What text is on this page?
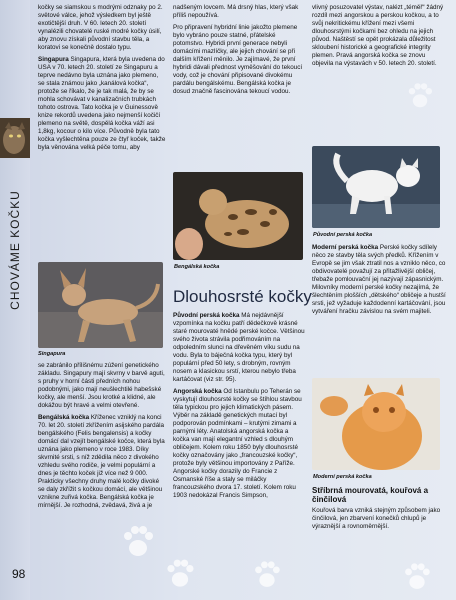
CHOVÁME KOČKU
98

kočky se siamskou s modrými odznaky po 2. světové válce, jehož výsledkem byl ještě exotičtější druh. V 60. letech 20. století vynalézili chovatelé ruské modré kočky úsilí, aby znovu získali původní stavbu těla, a koratovi se konečně dostalo typu.

Singapura Singapura, která byla uvedena do USA v 70. letech 20. století ze Singapuru a teprve nedávno byla uznána jako plemeno, se stala známou jako „kanálová kočka“, protože se říkalo, že je tak malá, že by se mohla schovávat v kanalizačních trubkách tohoto ostrova. Tato kočka je v Guinessově knize rekordů uvedena jako nejmenší kočičí plemeno na světě, dospělá kočka váží asi 1,8kg, kocour o kilo více. Původně byla tato kočka vyšlechtěna pouze ze čtyř koček, takže byla věnována velká péče tomu, aby

Singapura

se zabránilo přílišnému zúžení genetického základu. Singapury mají skvrny v barvě aguti, s pruhy v horní části předních nohou podobnými, jako mají neušlechtilé habešské kočky, ale menší. Jsou krotké a klidné, ale dokážou být hravé a velmi otevřené.

Bengálská kočka Kříženec vzniklý na konci 70. let 20. století zkřížením asijského pardála bengálského (Felis bengalensis) a kočky domácí dal vzejít bengálské kočce, která byla uznána jako plemeno v roce 1983. Díky skvrnité srsti, s níž zdědila něco z divokého vzhledu svého rodiče, je velmi populární a dnes je těchto koček již více než 9 000. Prakticky všechny druhy malé kočky divoké se daly zkřížit s kočkou domácí, ale většinou vznikne zuřivá kočka. Bengálská kočka je mírnější. Je rozhodná, zvědavá, živá a je

nadšeným lovcem. Má drsný hlas, který však příliš nepoužívá.

Pro připravení hybridní linie jakožto plemene bylo vybráno pouze statné, přátelské potomstvo. Hybridi první generace nebyli domácími mazlíčky, ale jejich chování se při dalším křížení měnilo. Je zajímavé, že první hybridi dávali přednost vyměšování do tekoucí vody, což je chování připisované divokému pardálu bengálskému. Bengálská kočka je dosud značně fascinována tekoucí vodou.

Bengálská kočka
Dlouhosrsté kočky

Původní perská kočka Má nejdávnější vzpomínka na kočku patří dědečkově krásné staré mourovaté hnědé perské kočce. Většinou svého života strávila podřimováním na odpoledním slunci na dřevěném víku sudu na vodu. Byla to báječná kočka typu, který byl populární před 50 lety, s drobným, rovným nosem a klasickou srstí, kterou nebylo třeba kartáčovat (viz str. 95).

Angorská kočka Od Istanbulu po Teherán se vyskytují dlouhosrsté kočky se štíhlou stavbou těla typickou pro jejich klimatických pásem. Výběr na základě genetických mutací byl podporován podmínkami – krutými zimami a parnými léty. Anatolská angorská kočka a kočka van mají elegantní vzhled s dlouhým obličejem. Kolem roku 1850 byly dlouhosrsté kočky označovány jako „francouzské kočky“, protože byly většinou importovány z Paříže. Angorské kočky dorazily do Francie z Osmanské říše a staly se miláčky francouzského dvora 17. století. Kolem roku 1903 nedokázal Francis Simpson,

vlivný posuzovatel výstav, nalézt „téměř“ žádný rozdíl mezi angorskou a perskou kočkou, a to svůj nekritickému křížení mezi všemi dlouhosrstými kočkami bez ohledu na jejich původ. Naštěstí se opět prokázala důležitost skloubení historické a geografické integrity plemen. Pravá angorská kočka se znovu objevila na výstavách v 50. letech 20. století.

Původní perská kočka

Moderní perská kočka Perské kočky sdílely něco ze stavby těla svých předků. Křížením v Evropě se jim však ztratil nos a vzniklo něco, co obdivovatelé považují za přitažlivější obličej, třebaže pomlouvační jej nazývají zápasnickým. Milovníky moderní perské kočky nezajímá, že šlechtěním plošších „dětského“ obličeje a hustší srsti, jež vyžaduje každodenní kartáčování, jsou vytváření hračku závislou na svém majiteli.

Moderní perská kočka

Stříbrná mourovatá, kouřová a činčilová

Kouřová barva vzniká stejným způsobem jako činčilová, jen zbarvení konečků chlupů je výraznější a rovnoměrnější.
